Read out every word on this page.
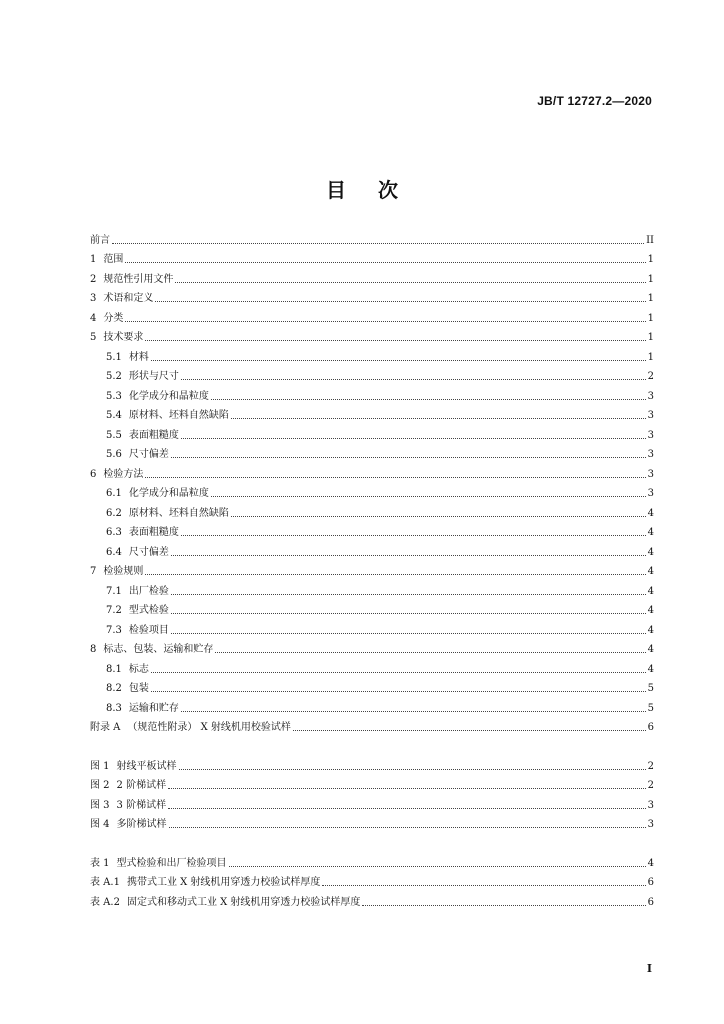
JB/T 12727.2—2020
目次
前言	II
1 范围	1
2 规范性引用文件	1
3 术语和定义	1
4 分类	1
5 技术要求	1
5.1 材料	1
5.2 形状与尺寸	2
5.3 化学成分和晶粒度	3
5.4 原材料、坯料自然缺陷	3
5.5 表面粗糙度	3
5.6 尺寸偏差	3
6 检验方法	3
6.1 化学成分和晶粒度	3
6.2 原材料、坯料自然缺陷	4
6.3 表面粗糙度	4
6.4 尺寸偏差	4
7 检验规则	4
7.1 出厂检验	4
7.2 型式检验	4
7.3 检验项目	4
8 标志、包装、运输和贮存	4
8.1 标志	4
8.2 包装	5
8.3 运输和贮存	5
附录 A （规范性附录） X 射线机用校验试样	6
图 1 射线平板试样	2
图 2 2 阶梯试样	2
图 3 3 阶梯试样	3
图 4 多阶梯试样	3
表 1 型式检验和出厂检验项目	4
表 A.1 携带式工业 X 射线机用穿透力校验试样厚度	6
表 A.2 固定式和移动式工业 X 射线机用穿透力校验试样厚度	6
I
